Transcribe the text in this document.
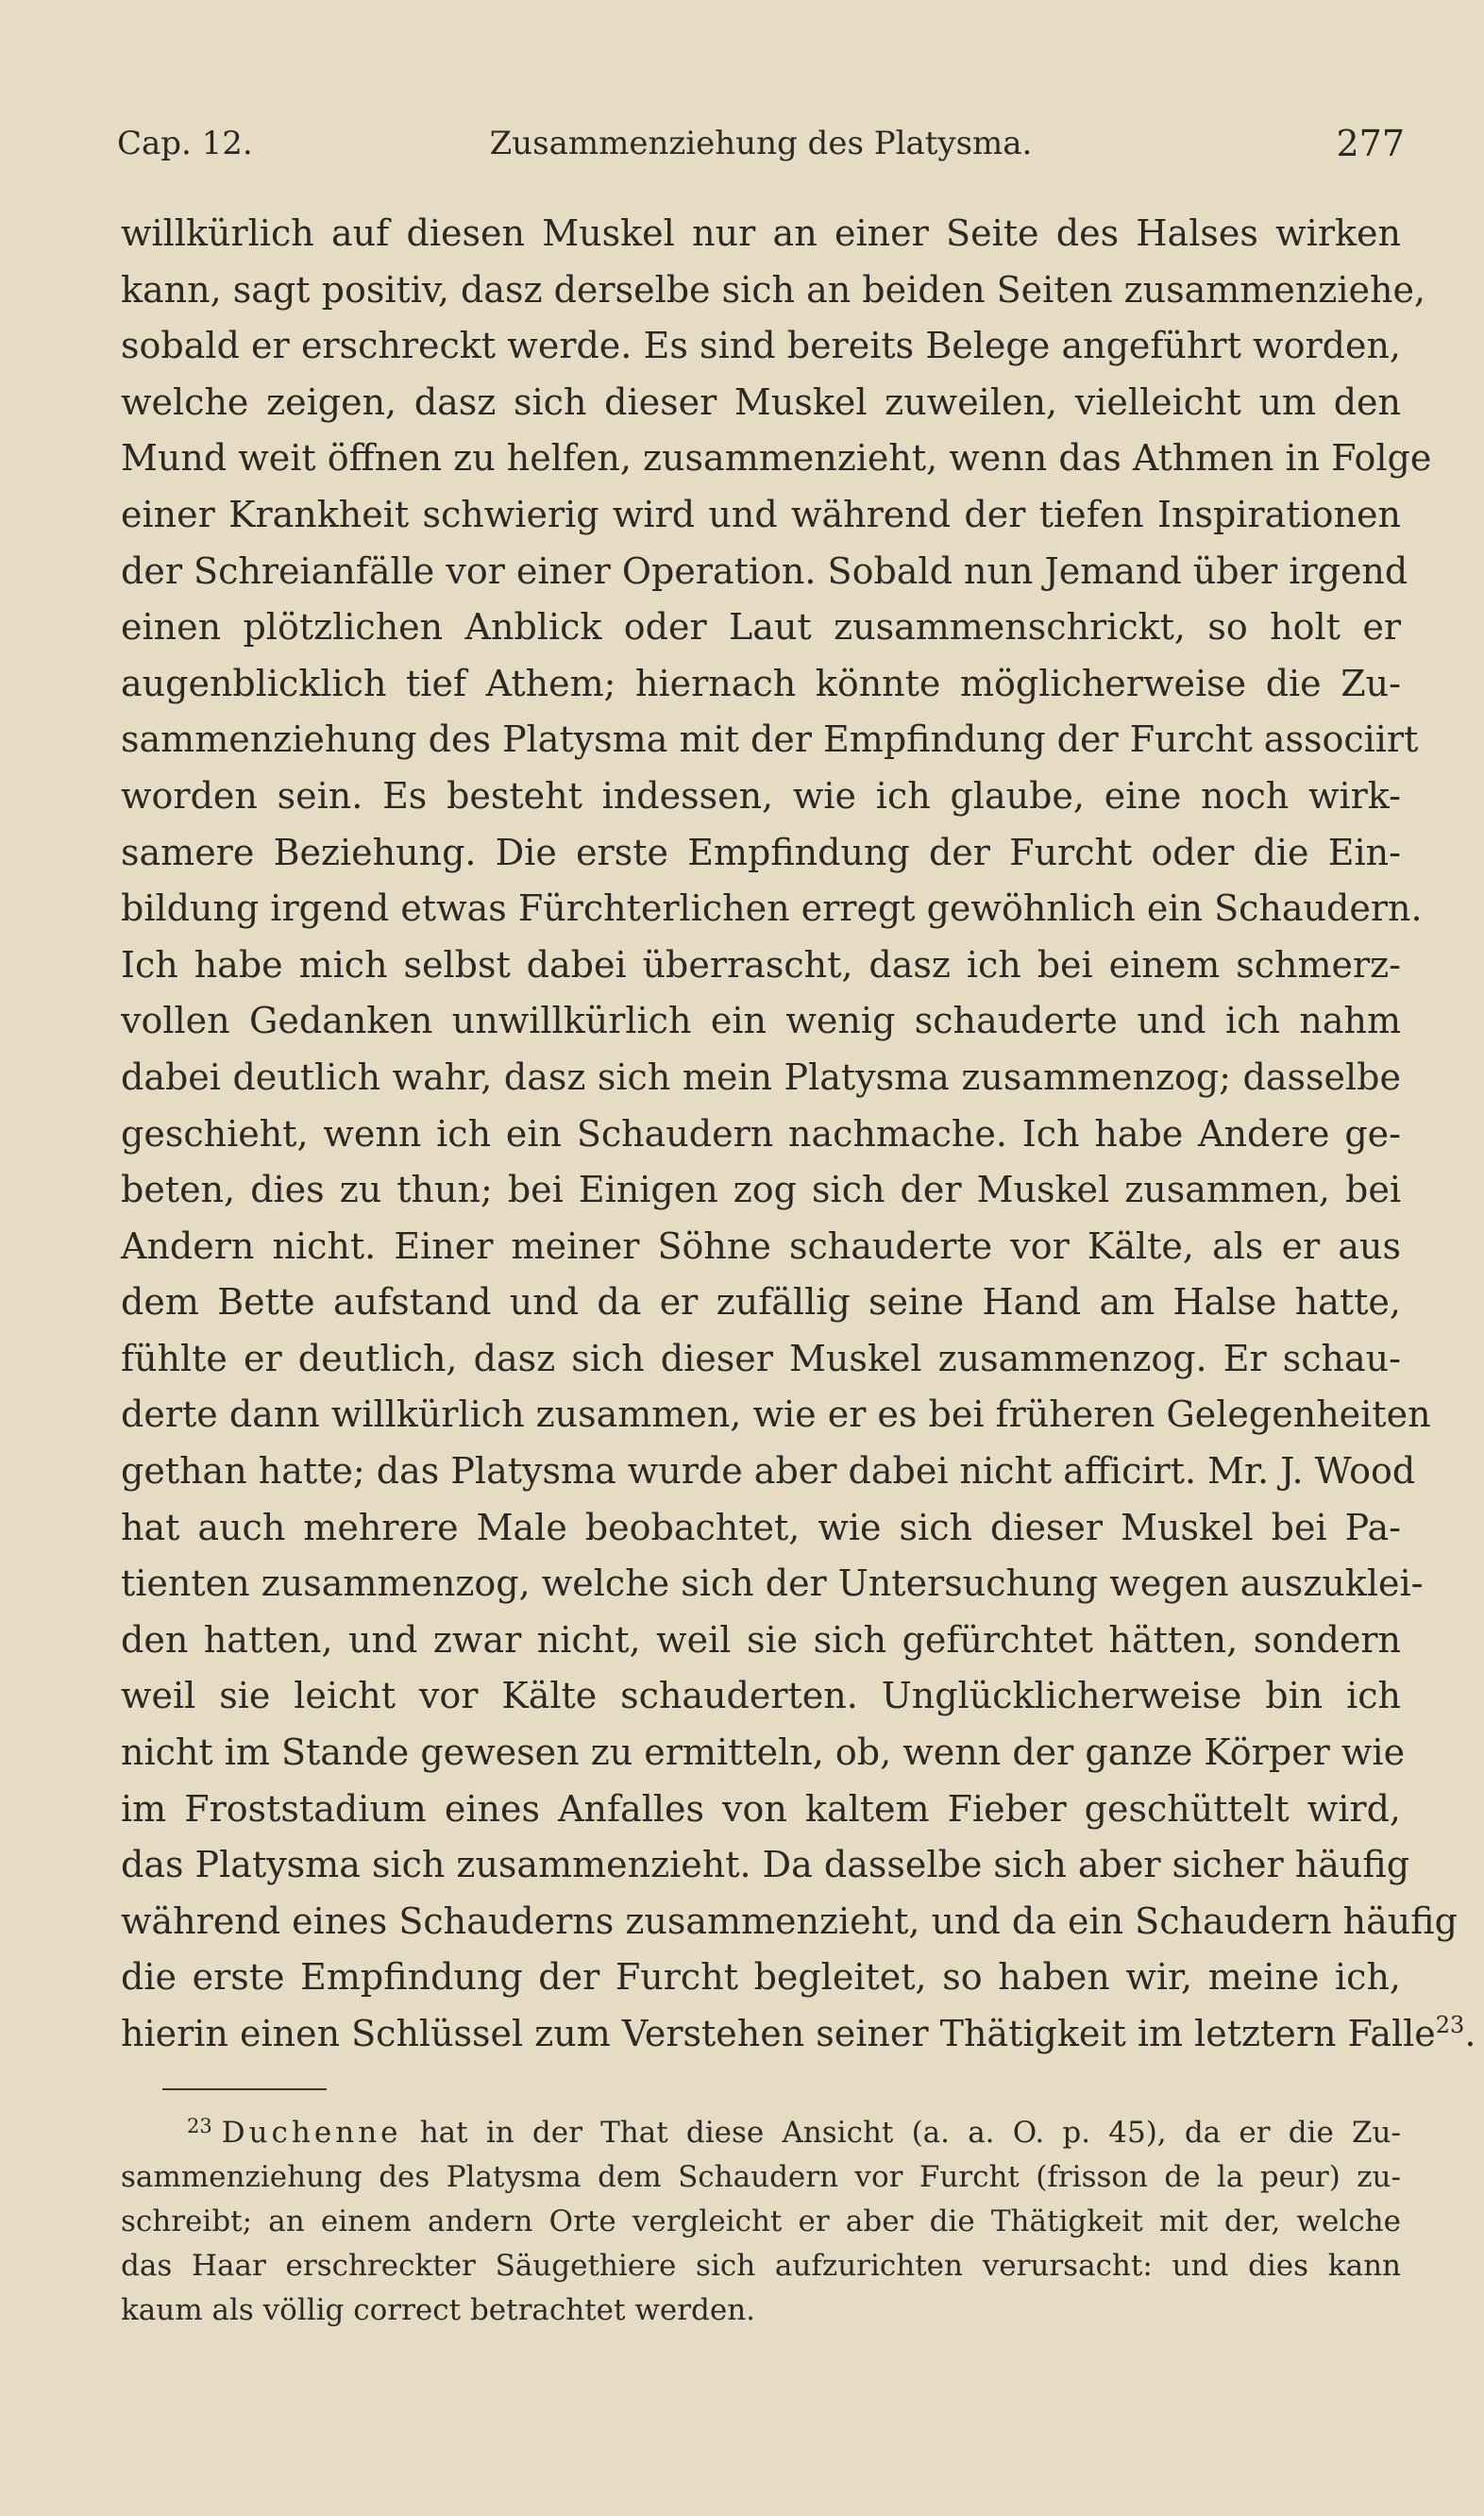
Cap. 12.	Zusammenziehung des Platysma.	277
willkürlich auf diesen Muskel nur an einer Seite des Halses wirken
kann, sagt positiv, dasz derselbe sich an beiden Seiten zusammenziehe,
sobald er erschreckt werde. Es sind bereits Belege angeführt worden,
welche zeigen, dasz sich dieser Muskel zuweilen, vielleicht um den
Mund weit öffnen zu helfen, zusammenzieht, wenn das Athmen in Folge
einer Krankheit schwierig wird und während der tiefen Inspirationen
der Schreianfälle vor einer Operation. Sobald nun Jemand über irgend
einen plötzlichen Anblick oder Laut zusammenschrickt, so holt er
augenblicklich tief Athem; hiernach könnte möglicherweise die Zu-
sammenziehung des Platysma mit der Empfindung der Furcht associirt
worden sein. Es besteht indessen, wie ich glaube, eine noch wirk-
samere Beziehung. Die erste Empfindung der Furcht oder die Ein-
bildung irgend etwas Fürchterlichen erregt gewöhnlich ein Schaudern.
Ich habe mich selbst dabei überrascht, dasz ich bei einem schmerz-
vollen Gedanken unwillkürlich ein wenig schauderte und ich nahm
dabei deutlich wahr, dasz sich mein Platysma zusammenzog; dasselbe
geschieht, wenn ich ein Schaudern nachmache. Ich habe Andere ge-
beten, dies zu thun; bei Einigen zog sich der Muskel zusammen, bei
Andern nicht. Einer meiner Söhne schauderte vor Kälte, als er aus
dem Bette aufstand und da er zufällig seine Hand am Halse hatte,
fühlte er deutlich, dasz sich dieser Muskel zusammenzog. Er schau-
derte dann willkürlich zusammen, wie er es bei früheren Gelegenheiten
gethan hatte; das Platysma wurde aber dabei nicht afficirt. Mr. J. Wood
hat auch mehrere Male beobachtet, wie sich dieser Muskel bei Pa-
tienten zusammenzog, welche sich der Untersuchung wegen auszuklei-
den hatten, und zwar nicht, weil sie sich gefürchtet hätten, sondern
weil sie leicht vor Kälte schauderten. Unglücklicherweise bin ich
nicht im Stande gewesen zu ermitteln, ob, wenn der ganze Körper wie
im Froststadium eines Anfalles von kaltem Fieber geschüttelt wird,
das Platysma sich zusammenzieht. Da dasselbe sich aber sicher häufig
während eines Schauderns zusammenzieht, und da ein Schaudern häufig
die erste Empfindung der Furcht begleitet, so haben wir, meine ich,
hierin einen Schlüssel zum Verstehen seiner Thätigkeit im letztern Falle$^{23}$.
$^{23}$ Duchenne hat in der That diese Ansicht (a. a. O. p. 45), da er die Zu-
sammenziehung des Platysma dem Schaudern vor Furcht (frisson de la peur) zu-
schreibt; an einem andern Orte vergleicht er aber die Thätigkeit mit der, welche
das Haar erschreckter Säugethiere sich aufzurichten verursacht: und dies kann
kaum als völlig correct betrachtet werden.
